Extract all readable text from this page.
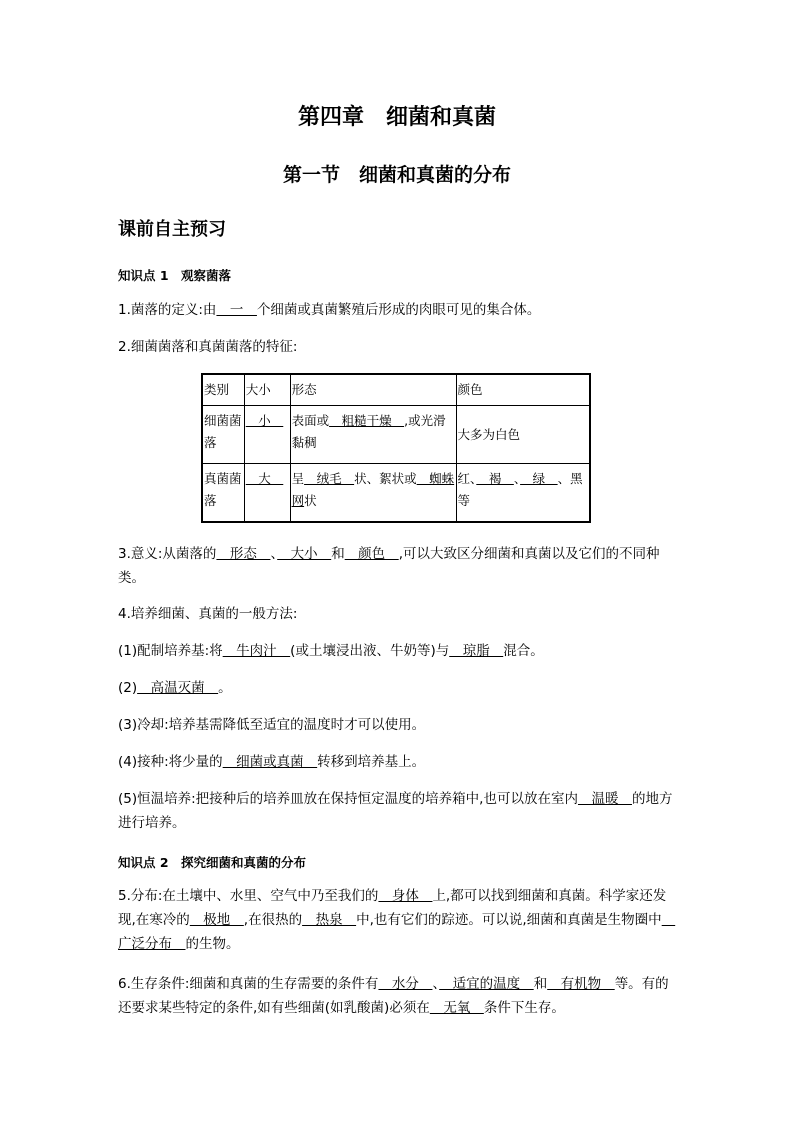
第四章　细菌和真菌
第一节　细菌和真菌的分布
课前自主预习
知识点 1　观察菌落
1.菌落的定义:由　一　个细菌或真菌繁殖后形成的肉眼可见的集合体。
2.细菌菌落和真菌菌落的特征:
类别	大小	形态	颜色
细菌菌落	　小　	表面或　粗糙干燥　,或光滑黏稠	大多为白色
真菌菌落	　大　	呈　绒毛　状、絮状或　蜘蛛网状	红、　褐　、　绿　、黑等
3.意义:从菌落的　形态　、　大小　和　颜色　,可以大致区分细菌和真菌以及它们的不同种类。
4.培养细菌、真菌的一般方法:
(1)配制培养基:将　牛肉汁　(或土壤浸出液、牛奶等)与　琼脂　混合。
(2)　高温灭菌　。
(3)冷却:培养基需降低至适宜的温度时才可以使用。
(4)接种:将少量的　细菌或真菌　转移到培养基上。
(5)恒温培养:把接种后的培养皿放在保持恒定温度的培养箱中,也可以放在室内　温暖　的地方进行培养。
知识点 2　探究细菌和真菌的分布
5.分布:在土壤中、水里、空气中乃至我们的　身体　上,都可以找到细菌和真菌。科学家还发现,在寒冷的　极地　,在很热的　热泉　中,也有它们的踪迹。可以说,细菌和真菌是生物圈中　广泛分布　的生物。
6.生存条件:细菌和真菌的生存需要的条件有　水分　、　适宜的温度　和　有机物　等。有的还要求某些特定的条件,如有些细菌(如乳酸菌)必须在　无氧　条件下生存。
